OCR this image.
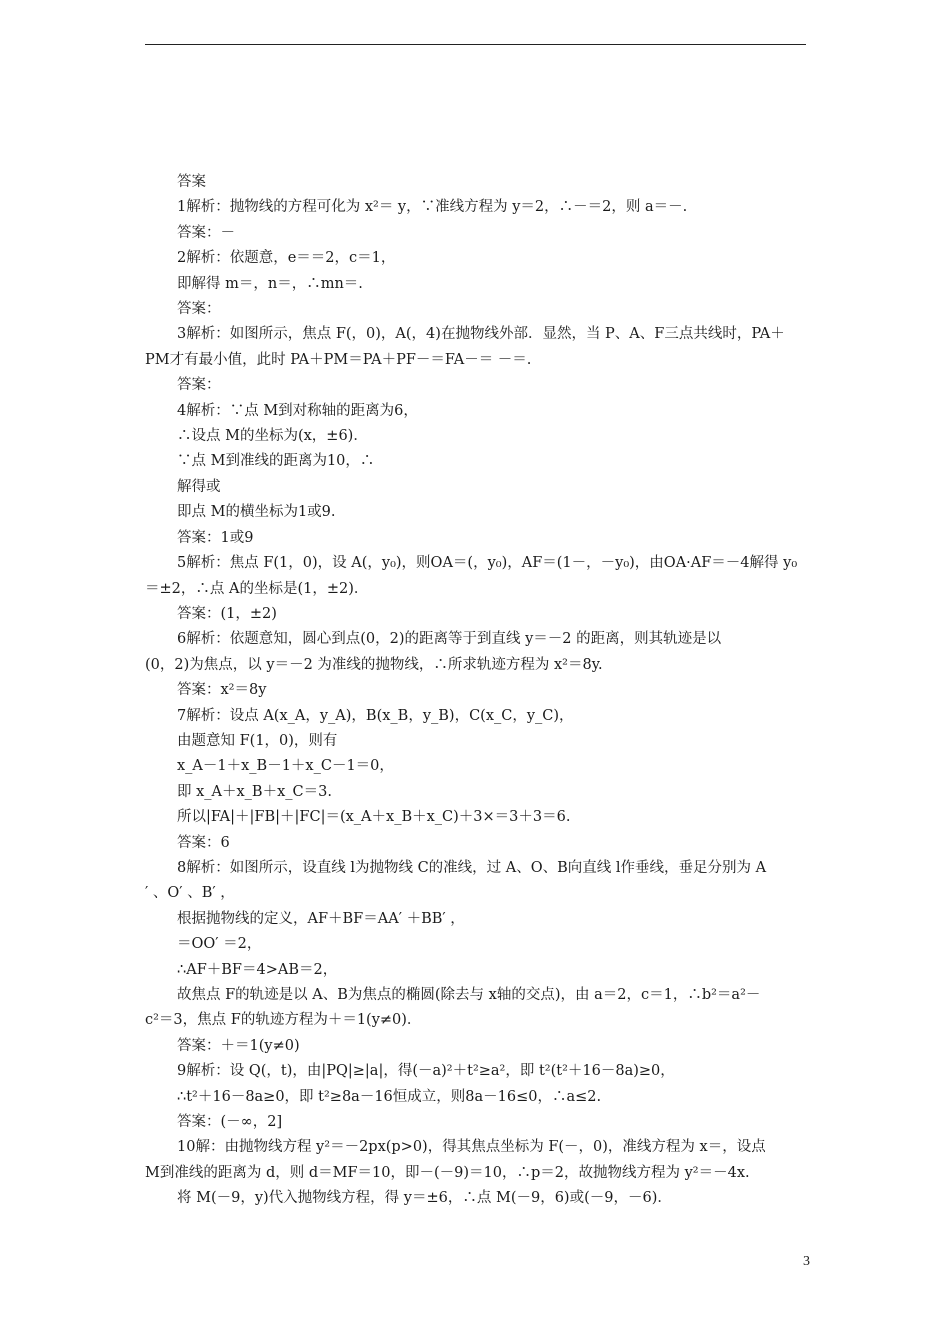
答案
1解析：抛物线的方程可化为 x²＝ y，∵准线方程为 y＝2，∴－＝2，则 a＝－.
答案：－
2解析：依题意，e＝＝2，c＝1，
即解得 m＝，n＝，∴mn＝.
答案：
3解析：如图所示，焦点 F(，0)，A(，4)在抛物线外部．显然，当 P、A、F三点共线时，PA＋
PM才有最小值，此时 PA＋PM＝PA＋PF－＝FA－＝ －＝.
答案：
4解析：∵点 M到对称轴的距离为6，
∴设点 M的坐标为(x，±6)．
∵点 M到准线的距离为10，∴
解得或
即点 M的横坐标为1或9.
答案：1或9
5解析：焦点 F(1，0)，设 A(，y₀)，则OA＝(，y₀)，AF＝(1－，－y₀)，由OA·AF＝－4解得 y₀
＝±2，∴点 A的坐标是(1，±2)．
答案：(1，±2)
6解析：依题意知，圆心到点(0，2)的距离等于到直线 y＝－2 的距离，则其轨迹是以
(0，2)为焦点，以 y＝－2 为准线的抛物线，∴所求轨迹方程为 x²＝8y.
答案：x²＝8y
7解析：设点 A(x_A，y_A)，B(x_B，y_B)，C(x_C，y_C)，
由题意知 F(1，0)，则有
x_A－1＋x_B－1＋x_C－1＝0，
即 x_A＋x_B＋x_C＝3.
所以|FA|＋|FB|＋|FC|＝(x_A＋x_B＋x_C)＋3×＝3＋3＝6.
答案：6
8解析：如图所示，设直线 l为抛物线 C的准线，过 A、O、B向直线 l作垂线，垂足分别为 A
′ 、O′ 、B′ ，
根据抛物线的定义，AF＋BF＝AA′ ＋BB′ ，
＝OO′ ＝2，
∴AF＋BF＝4>AB＝2，
故焦点 F的轨迹是以 A、B为焦点的椭圆(除去与 x轴的交点)，由 a＝2，c＝1，∴b²＝a²－
c²＝3，焦点 F的轨迹方程为＋＝1(y≠0)．
答案：＋＝1(y≠0)
9解析：设 Q(，t)，由|PQ|≥|a|，得(－a)²＋t²≥a²，即 t²(t²＋16－8a)≥0，
∴t²＋16－8a≥0，即 t²≥8a－16恒成立，则8a－16≤0，∴a≤2.
答案：(－∞，2]
10解：由抛物线方程 y²＝－2px(p>0)，得其焦点坐标为 F(－，0)，准线方程为 x＝，设点
M到准线的距离为 d，则 d＝MF＝10，即－(－9)＝10，∴p＝2，故抛物线方程为 y²＝－4x.
将 M(－9，y)代入抛物线方程，得 y＝±6，∴点 M(－9，6)或(－9，－6)．
3
